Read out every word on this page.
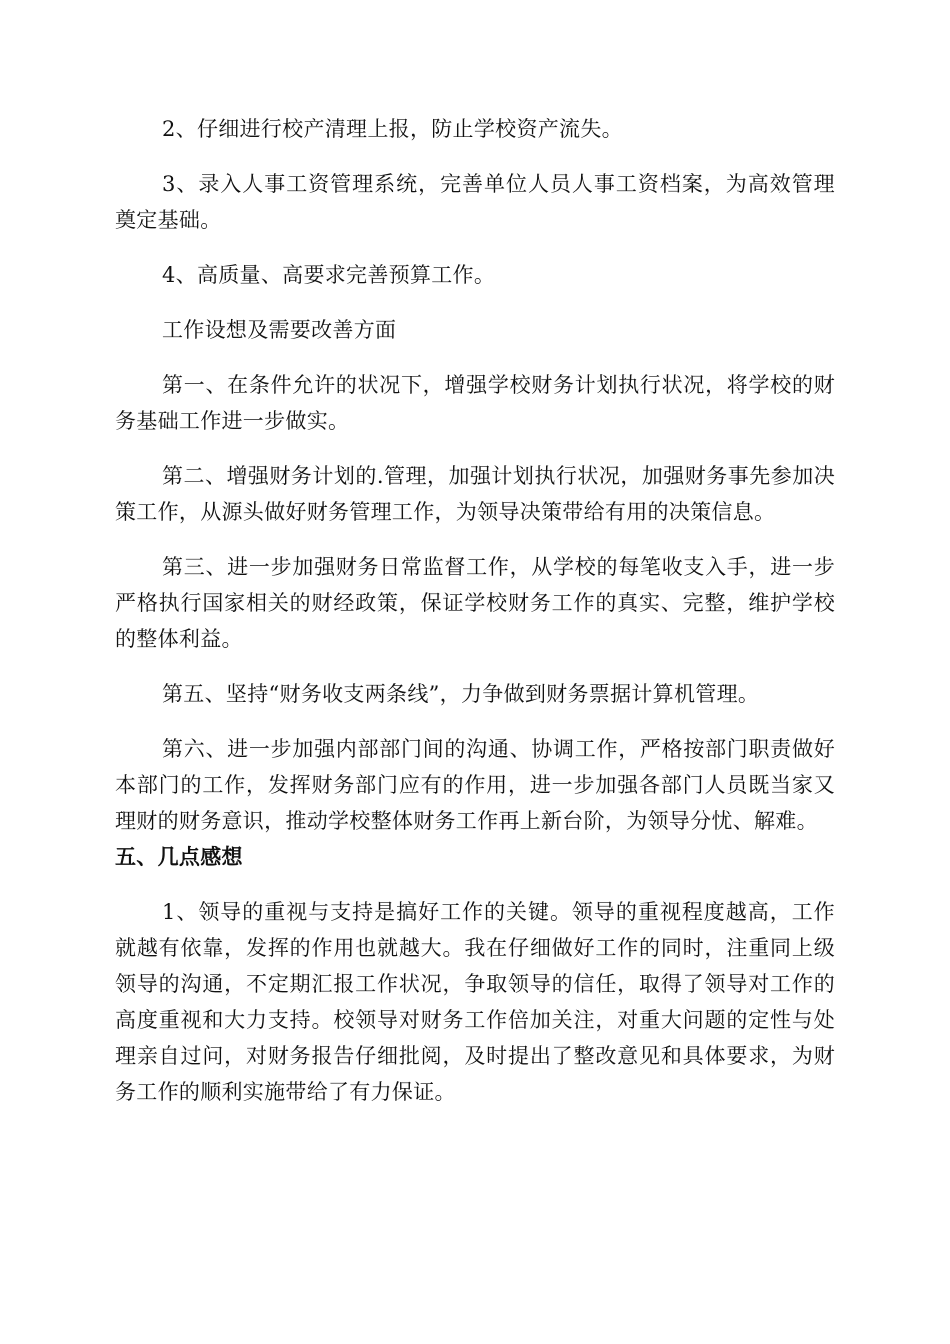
2、仔细进行校产清理上报，防止学校资产流失。

3、录入人事工资管理系统，完善单位人员人事工资档案，为高效管理奠定基础。

4、高质量、高要求完善预算工作。

工作设想及需要改善方面

第一、在条件允许的状况下，增强学校财务计划执行状况，将学校的财务基础工作进一步做实。

第二、增强财务计划的.管理，加强计划执行状况，加强财务事先参加决策工作，从源头做好财务管理工作，为领导决策带给有用的决策信息。

第三、进一步加强财务日常监督工作，从学校的每笔收支入手，进一步严格执行国家相关的财经政策，保证学校财务工作的真实、完整，维护学校的整体利益。

第五、坚持“财务收支两条线”，力争做到财务票据计算机管理。

第六、进一步加强内部部门间的沟通、协调工作，严格按部门职责做好本部门的工作，发挥财务部门应有的作用，进一步加强各部门人员既当家又理财的财务意识，推动学校整体财务工作再上新台阶，为领导分忧、解难。

五、几点感想

1、领导的重视与支持是搞好工作的关键。领导的重视程度越高，工作就越有依靠，发挥的作用也就越大。我在仔细做好工作的同时，注重同上级领导的沟通，不定期汇报工作状况，争取领导的信任，取得了领导对工作的高度重视和大力支持。校领导对财务工作倍加关注，对重大问题的定性与处理亲自过问，对财务报告仔细批阅，及时提出了整改意见和具体要求，为财务工作的顺利实施带给了有力保证。
